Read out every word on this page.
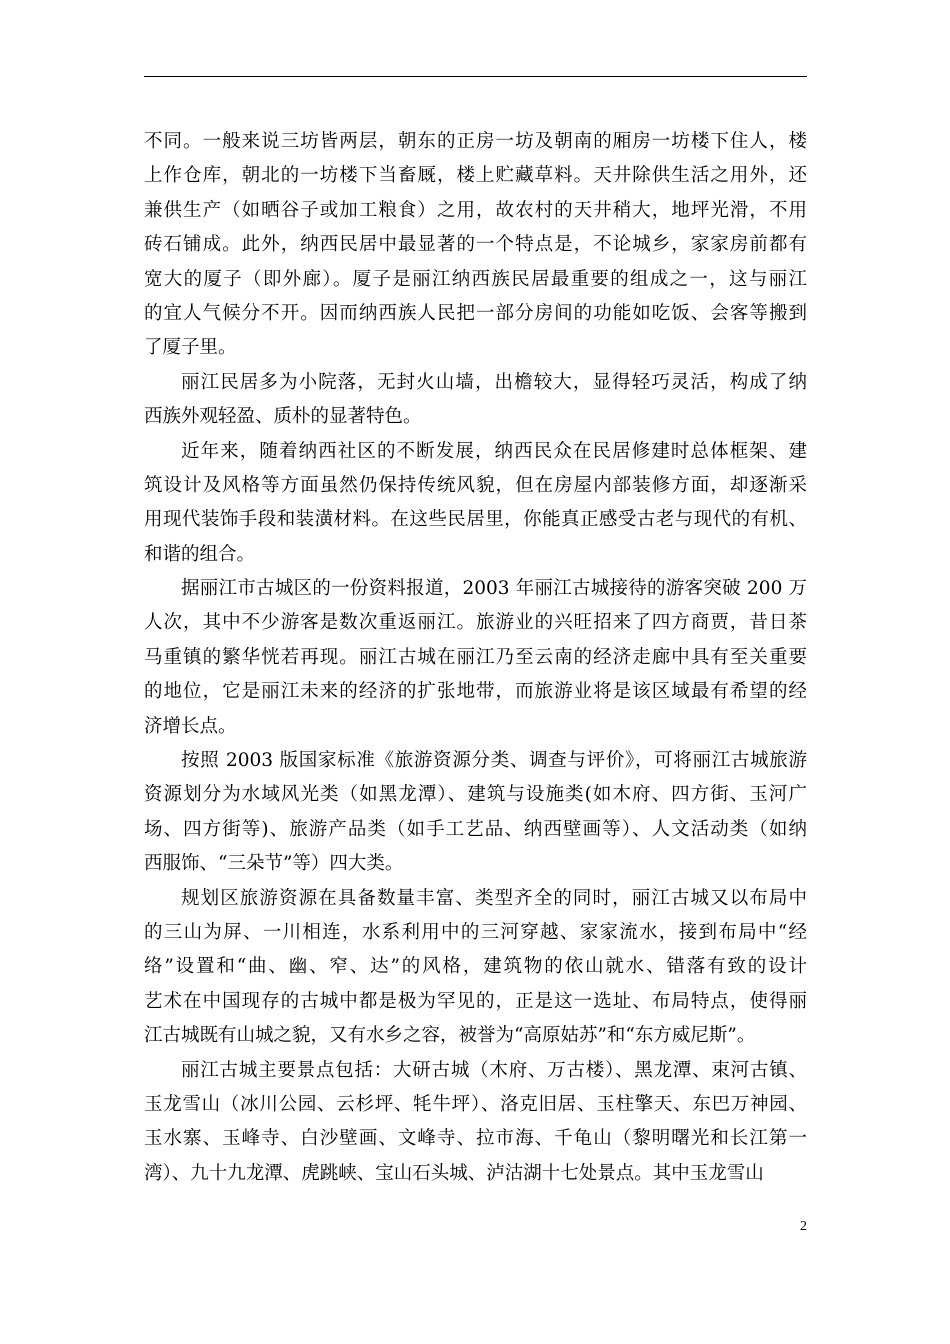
不同。一般来说三坊皆两层，朝东的正房一坊及朝南的厢房一坊楼下住人，楼
上作仓库，朝北的一坊楼下当畜厩，楼上贮藏草料。天井除供生活之用外，还
兼供生产（如晒谷子或加工粮食）之用，故农村的天井稍大，地坪光滑，不用
砖石铺成。此外，纳西民居中最显著的一个特点是，不论城乡，家家房前都有
宽大的厦子（即外廊）。厦子是丽江纳西族民居最重要的组成之一，这与丽江
的宜人气候分不开。因而纳西族人民把一部分房间的功能如吃饭、会客等搬到
了厦子里。
丽江民居多为小院落，无封火山墙，出檐较大，显得轻巧灵活，构成了纳
西族外观轻盈、质朴的显著特色。
近年来，随着纳西社区的不断发展，纳西民众在民居修建时总体框架、建
筑设计及风格等方面虽然仍保持传统风貌，但在房屋内部装修方面，却逐渐采
用现代装饰手段和装潢材料。在这些民居里，你能真正感受古老与现代的有机、
和谐的组合。
据丽江市古城区的一份资料报道，2003 年丽江古城接待的游客突破 200 万
人次，其中不少游客是数次重返丽江。旅游业的兴旺招来了四方商贾，昔日茶
马重镇的繁华恍若再现。丽江古城在丽江乃至云南的经济走廊中具有至关重要
的地位，它是丽江未来的经济的扩张地带，而旅游业将是该区域最有希望的经
济增长点。
按照 2003 版国家标准《旅游资源分类、调查与评价》，可将丽江古城旅游
资源划分为水域风光类（如黑龙潭）、建筑与设施类(如木府、四方街、玉河广
场、四方街等)、旅游产品类（如手工艺品、纳西壁画等）、人文活动类（如纳
西服饰、“三朵节”等）四大类。
规划区旅游资源在具备数量丰富、类型齐全的同时，丽江古城又以布局中
的三山为屏、一川相连，水系利用中的三河穿越、家家流水，接到布局中“经
络”设置和“曲、幽、窄、达”的风格，建筑物的依山就水、错落有致的设计
艺术在中国现存的古城中都是极为罕见的，正是这一选址、布局特点，使得丽
江古城既有山城之貌，又有水乡之容，被誉为“高原姑苏”和“东方威尼斯”。
丽江古城主要景点包括：大研古城（木府、万古楼）、黑龙潭、束河古镇、
玉龙雪山（冰川公园、云杉坪、牦牛坪）、洛克旧居、玉柱擎天、东巴万神园、
玉水寨、玉峰寺、白沙壁画、文峰寺、拉市海、千龟山（黎明曙光和长江第一
湾）、九十九龙潭、虎跳峡、宝山石头城、泸沽湖十七处景点。其中玉龙雪山
2
